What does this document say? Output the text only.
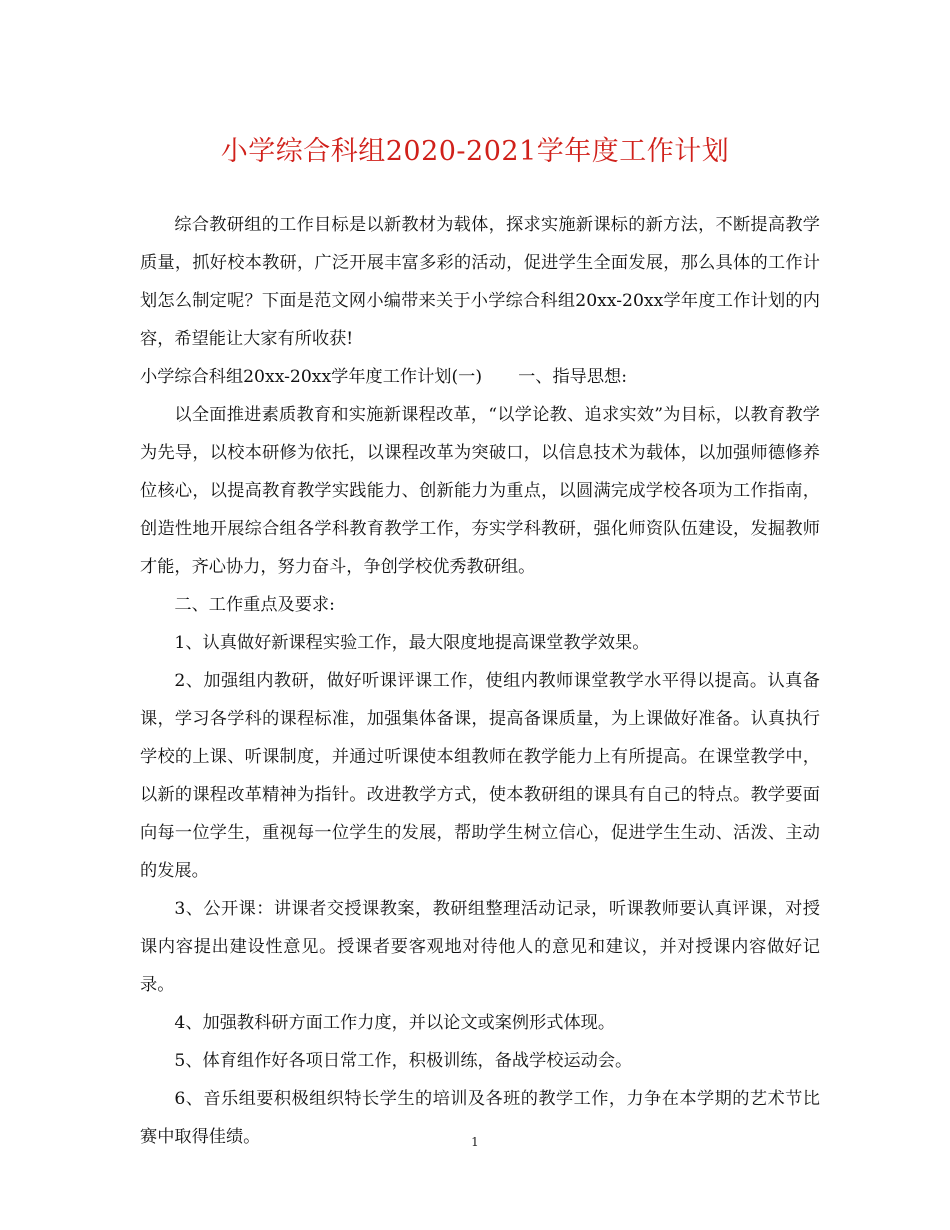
小学综合科组2020-2021学年度工作计划

综合教研组的工作目标是以新教材为载体，探求实施新课标的新方法，不断提高教学质量，抓好校本教研，广泛开展丰富多彩的活动，促进学生全面发展，那么具体的工作计划怎么制定呢？下面是范文网小编带来关于小学综合科组20xx-20xx学年度工作计划的内容，希望能让大家有所收获!

小学综合科组20xx-20xx学年度工作计划(一) 一、指导思想:

以全面推进素质教育和实施新课程改革，“以学论教、追求实效”为目标，以教育教学为先导，以校本研修为依托，以课程改革为突破口，以信息技术为载体，以加强师德修养位核心，以提高教育教学实践能力、创新能力为重点，以圆满完成学校各项为工作指南，创造性地开展综合组各学科教育教学工作，夯实学科教研，强化师资队伍建设，发掘教师才能，齐心协力，努力奋斗，争创学校优秀教研组。

二、工作重点及要求:

1、认真做好新课程实验工作，最大限度地提高课堂教学效果。

2、加强组内教研，做好听课评课工作，使组内教师课堂教学水平得以提高。认真备课，学习各学科的课程标准，加强集体备课，提高备课质量，为上课做好准备。认真执行学校的上课、听课制度，并通过听课使本组教师在教学能力上有所提高。在课堂教学中，以新的课程改革精神为指针。改进教学方式，使本教研组的课具有自己的特点。教学要面向每一位学生，重视每一位学生的发展，帮助学生树立信心，促进学生生动、活泼、主动的发展。

3、公开课：讲课者交授课教案，教研组整理活动记录，听课教师要认真评课，对授课内容提出建设性意见。授课者要客观地对待他人的意见和建议，并对授课内容做好记录。

4、加强教科研方面工作力度，并以论文或案例形式体现。

5、体育组作好各项日常工作，积极训练，备战学校运动会。

6、音乐组要积极组织特长学生的培训及各班的教学工作，力争在本学期的艺术节比赛中取得佳绩。	1
